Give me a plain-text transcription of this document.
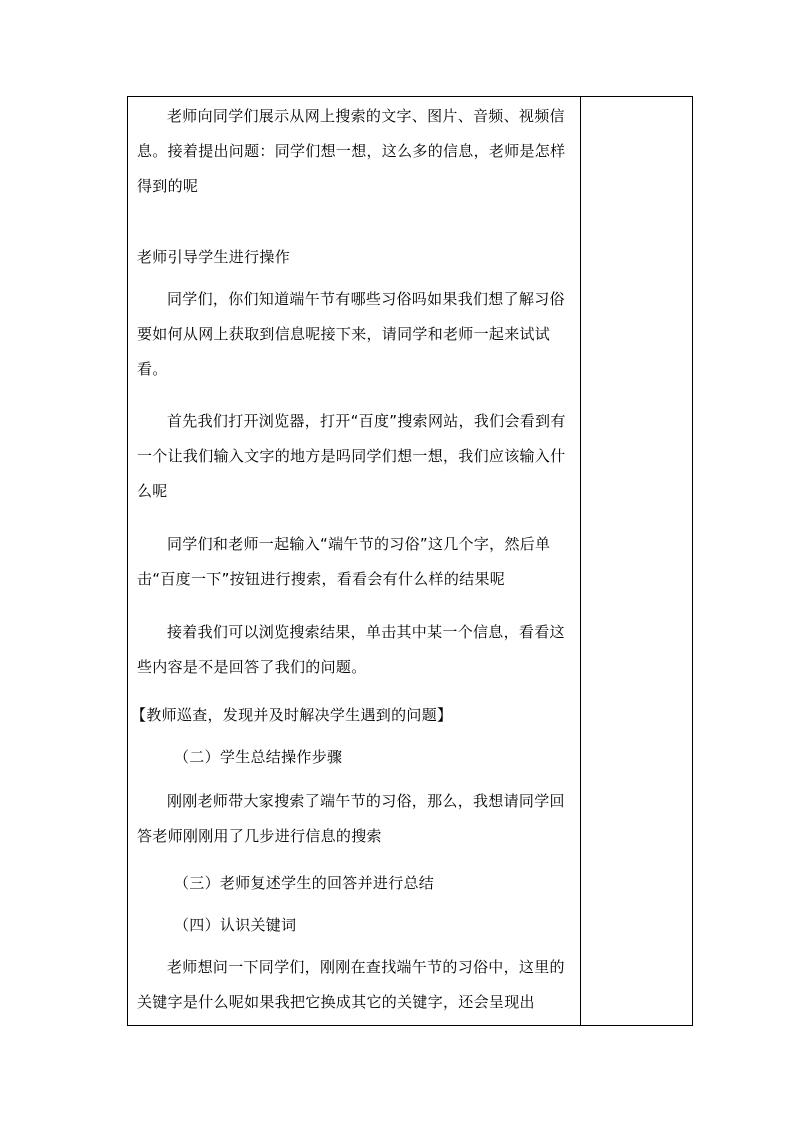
老师向同学们展示从网上搜索的文字、图片、音频、视频信息。接着提出问题：同学们想一想，这么多的信息，老师是怎样得到的呢

老师引导学生进行操作

同学们，你们知道端午节有哪些习俗吗如果我们想了解习俗要如何从网上获取到信息呢接下来，请同学和老师一起来试试看。

首先我们打开浏览器，打开“百度”搜索网站，我们会看到有一个让我们输入文字的地方是吗同学们想一想，我们应该输入什么呢

同学们和老师一起输入“端午节的习俗”这几个字，然后单击“百度一下”按钮进行搜索，看看会有什么样的结果呢

接着我们可以浏览搜索结果，单击其中某一个信息，看看这些内容是不是回答了我们的问题。

【教师巡查，发现并及时解决学生遇到的问题】

（二）学生总结操作步骤

刚刚老师带大家搜索了端午节的习俗，那么，我想请同学回答老师刚刚用了几步进行信息的搜索

（三）老师复述学生的回答并进行总结

（四）认识关键词

老师想问一下同学们，刚刚在查找端午节的习俗中，这里的关键字是什么呢如果我把它换成其它的关键字，还会呈现出
